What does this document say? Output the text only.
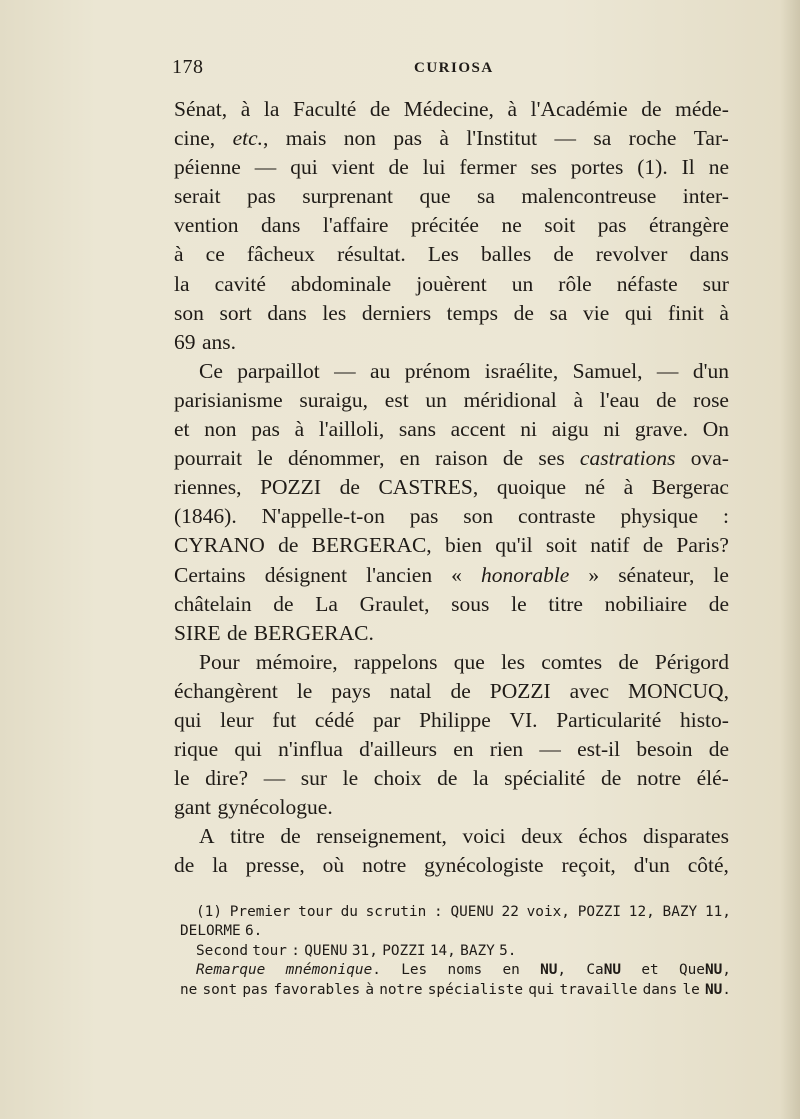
178	CURIOSA
Sénat, à la Faculté de Médecine, à l'Académie de méde-
cine, etc., mais non pas à l'Institut — sa roche Tar-
péienne — qui vient de lui fermer ses portes (1). Il ne
serait pas surprenant que sa malencontreuse inter-
vention dans l'affaire précitée ne soit pas étrangère
à ce fâcheux résultat. Les balles de revolver dans
la cavité abdominale jouèrent un rôle néfaste sur
son sort dans les derniers temps de sa vie qui finit à
69 ans.
Ce parpaillot — au prénom israélite, Samuel, — d'un
parisianisme suraigu, est un méridional à l'eau de rose
et non pas à l'ailloli, sans accent ni aigu ni grave. On
pourrait le dénommer, en raison de ses castrations ova-
riennes, POZZI de CASTRES, quoique né à Bergerac
(1846). N'appelle-t-on pas son contraste physique :
CYRANO de BERGERAC, bien qu'il soit natif de Paris?
Certains désignent l'ancien « honorable » sénateur, le
châtelain de La Graulet, sous le titre nobiliaire de
SIRE de BERGERAC.
Pour mémoire, rappelons que les comtes de Périgord
échangèrent le pays natal de POZZI avec MONCUQ,
qui leur fut cédé par Philippe VI. Particularité histo-
rique qui n'influa d'ailleurs en rien — est-il besoin de
le dire? — sur le choix de la spécialité de notre élé-
gant gynécologue.
A titre de renseignement, voici deux échos disparates
de la presse, où notre gynécologiste reçoit, d'un côté,
(1) Premier tour du scrutin : QUENU 22 voix, POZZI 12, BAZY 11,
DELORME 6.
Second tour : QUENU 31, POZZI 14, BAZY 5.
Remarque mnémonique. Les noms en NU, CaNU et QueNU,
ne sont pas favorables à notre spécialiste qui travaille dans le NU.
